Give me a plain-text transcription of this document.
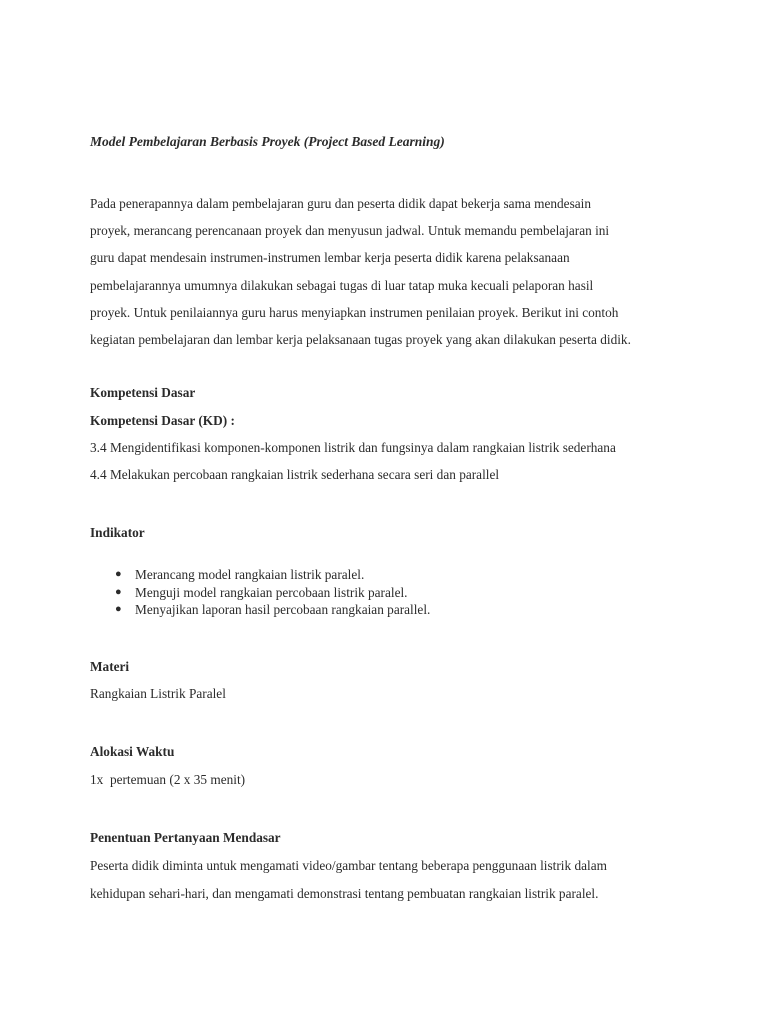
Model Pembelajaran Berbasis Proyek (Project Based Learning)
Pada penerapannya dalam pembelajaran guru dan peserta didik dapat bekerja sama mendesain
proyek, merancang perencanaan proyek dan menyusun jadwal. Untuk memandu pembelajaran ini
guru dapat mendesain instrumen-instrumen lembar kerja peserta didik karena pelaksanaan
pembelajarannya umumnya dilakukan sebagai tugas di luar tatap muka kecuali pelaporan hasil
proyek. Untuk penilaiannya guru harus menyiapkan instrumen penilaian proyek. Berikut ini contoh
kegiatan pembelajaran dan lembar kerja pelaksanaan tugas proyek yang akan dilakukan peserta didik.
Kompetensi Dasar
Kompetensi Dasar (KD) :
3.4 Mengidentifikasi komponen-komponen listrik dan fungsinya dalam rangkaian listrik sederhana
4.4 Melakukan percobaan rangkaian listrik sederhana secara seri dan parallel
Indikator
● Merancang model rangkaian listrik paralel.
● Menguji model rangkaian percobaan listrik paralel.
● Menyajikan laporan hasil percobaan rangkaian parallel.
Materi
Rangkaian Listrik Paralel
Alokasi Waktu
1x  pertemuan (2 x 35 menit)
Penentuan Pertanyaan Mendasar
Peserta didik diminta untuk mengamati video/gambar tentang beberapa penggunaan listrik dalam
kehidupan sehari-hari, dan mengamati demonstrasi tentang pembuatan rangkaian listrik paralel.
